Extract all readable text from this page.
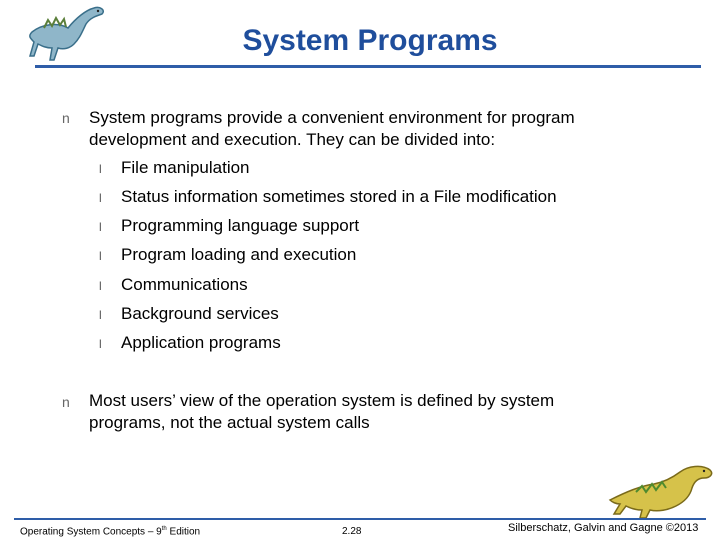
System Programs
n System programs provide a convenient environment for program
development and execution. They can be divided into:
l File manipulation
l Status information sometimes stored in a File modification
l Programming language support
l Program loading and execution
l Communications
l Background services
l Application programs
n Most users’ view of the operation system is defined by system
programs, not the actual system calls
Operating System Concepts – 9th Edition	2.28	Silberschatz, Galvin and Gagne ©2013
